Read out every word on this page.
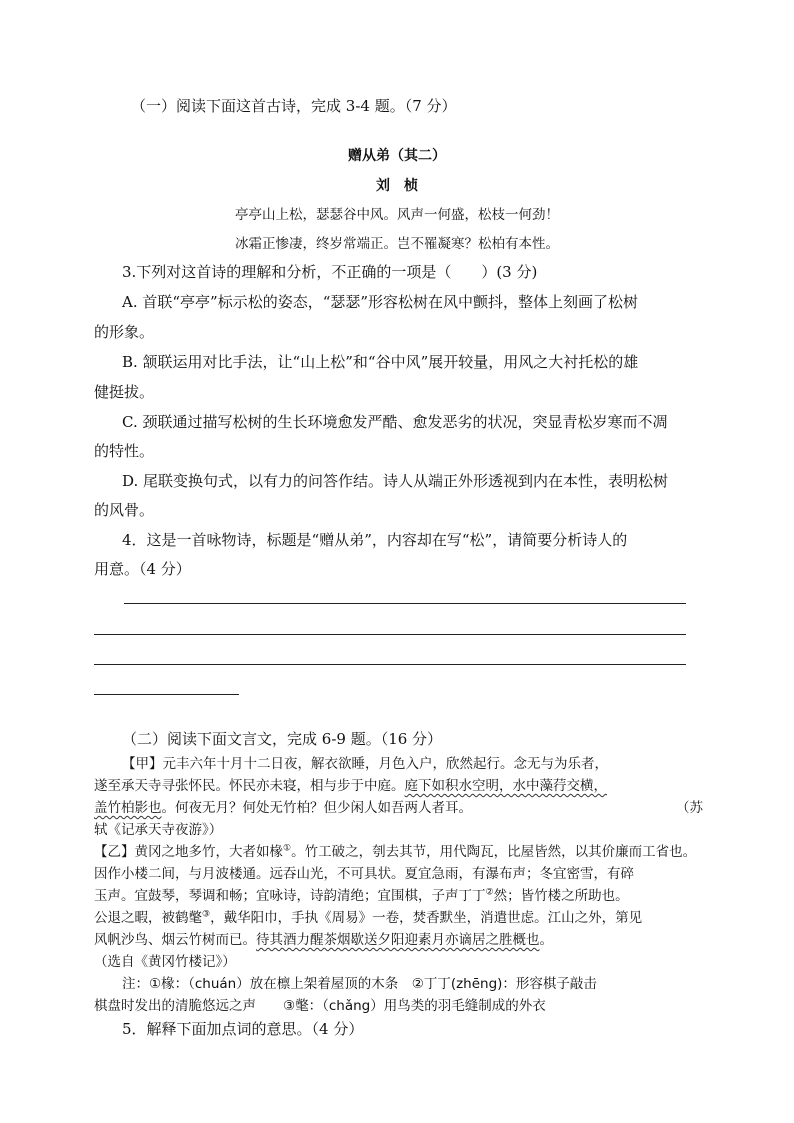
（一）阅读下面这首古诗，完成 3-4 题。（7 分）
赠从弟（其二）
刘　桢
亭亭山上松，瑟瑟谷中风。风声一何盛，松枝一何劲！
冰霜正惨凄，终岁常端正。岂不罹凝寒？松柏有本性。
3.下列对这首诗的理解和分析，不正确的一项是（　　）(3 分)
A. 首联“亭亭”标示松的姿态，“瑟瑟”形容松树在风中颤抖，整体上刻画了松树
的形象。
B. 颔联运用对比手法，让“山上松”和“谷中风”展开较量，用风之大衬托松的雄
健挺拔。
C. 颈联通过描写松树的生长环境愈发严酷、愈发恶劣的状况，突显青松岁寒而不凋
的特性。
D. 尾联变换句式，以有力的问答作结。诗人从端正外形透视到内在本性，表明松树
的风骨。
4．这是一首咏物诗，标题是“赠从弟”，内容却在写“松”，请简要分析诗人的
用意。（4 分）
（二）阅读下面文言文，完成 6-9 题。（16 分）
【甲】元丰六年十月十二日夜，解衣欲睡，月色入户，欣然起行。念无与为乐者，
遂至承天寺寻张怀民。怀民亦未寝，相与步于中庭。庭下如积水空明，水中藻荇交横，
盖竹柏影也。何夜无月？何处无竹柏？但少闲人如吾两人者耳。	（苏
轼《记承天寺夜游》）
【乙】黄冈之地多竹，大者如椽①。竹工破之，刳去其节，用代陶瓦，比屋皆然，以其价廉而工省也。
因作小楼二间，与月波楼通。远吞山光，不可具状。夏宜急雨，有瀑布声；冬宜密雪，有碎
玉声。宜鼓琴，琴调和畅；宜咏诗，诗韵清绝；宜围棋，子声丁丁②然；皆竹楼之所助也。
公退之暇，被鹤氅③，戴华阳巾，手执《周易》一卷，焚香默坐，消遣世虑。江山之外，第见
风帆沙鸟、烟云竹树而已。待其酒力醒茶烟歇送夕阳迎素月亦谪居之胜概也。
（选自《黄冈竹楼记》）
注：①椽：（chuán）放在檩上架着屋顶的木条　②丁丁(zhēng)：形容棋子敲击
棋盘时发出的清脆悠远之声　　③氅：（chǎng）用鸟类的羽毛缝制成的外衣
5．解释下面加点词的意思。（4 分）
